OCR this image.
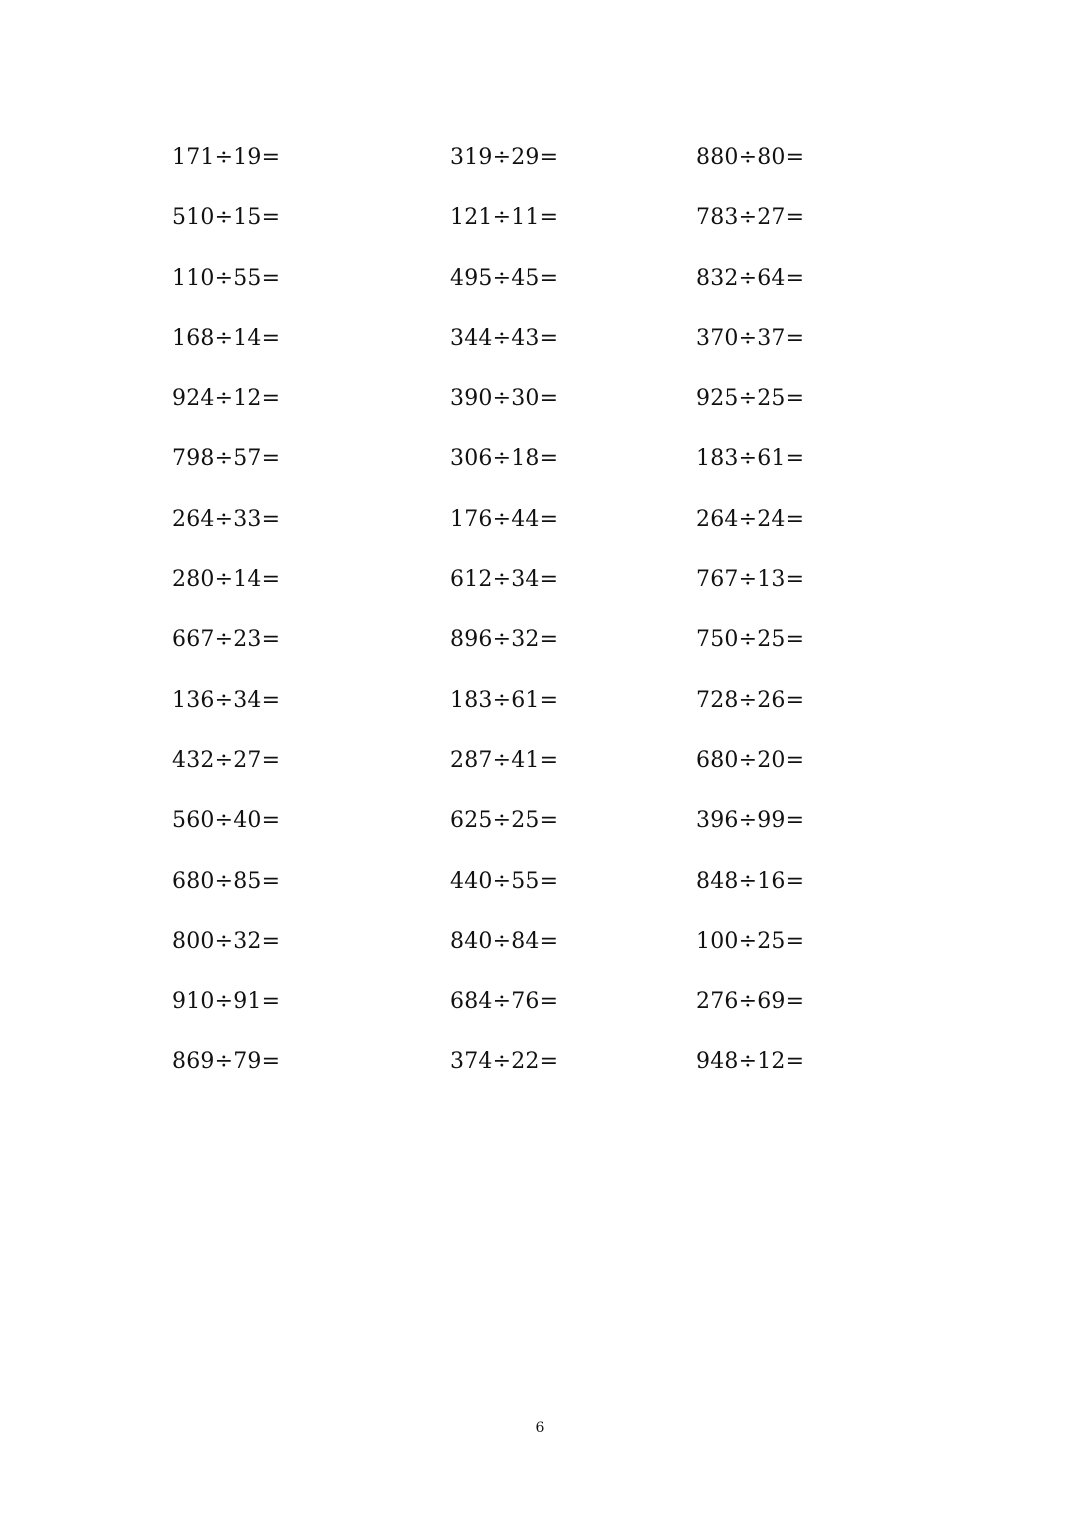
171÷19=	319÷29=	880÷80=
510÷15=	121÷11=	783÷27=
110÷55=	495÷45=	832÷64=
168÷14=	344÷43=	370÷37=
924÷12=	390÷30=	925÷25=
798÷57=	306÷18=	183÷61=
264÷33=	176÷44=	264÷24=
280÷14=	612÷34=	767÷13=
667÷23=	896÷32=	750÷25=
136÷34=	183÷61=	728÷26=
432÷27=	287÷41=	680÷20=
560÷40=	625÷25=	396÷99=
680÷85=	440÷55=	848÷16=
800÷32=	840÷84=	100÷25=
910÷91=	684÷76=	276÷69=
869÷79=	374÷22=	948÷12=
6
